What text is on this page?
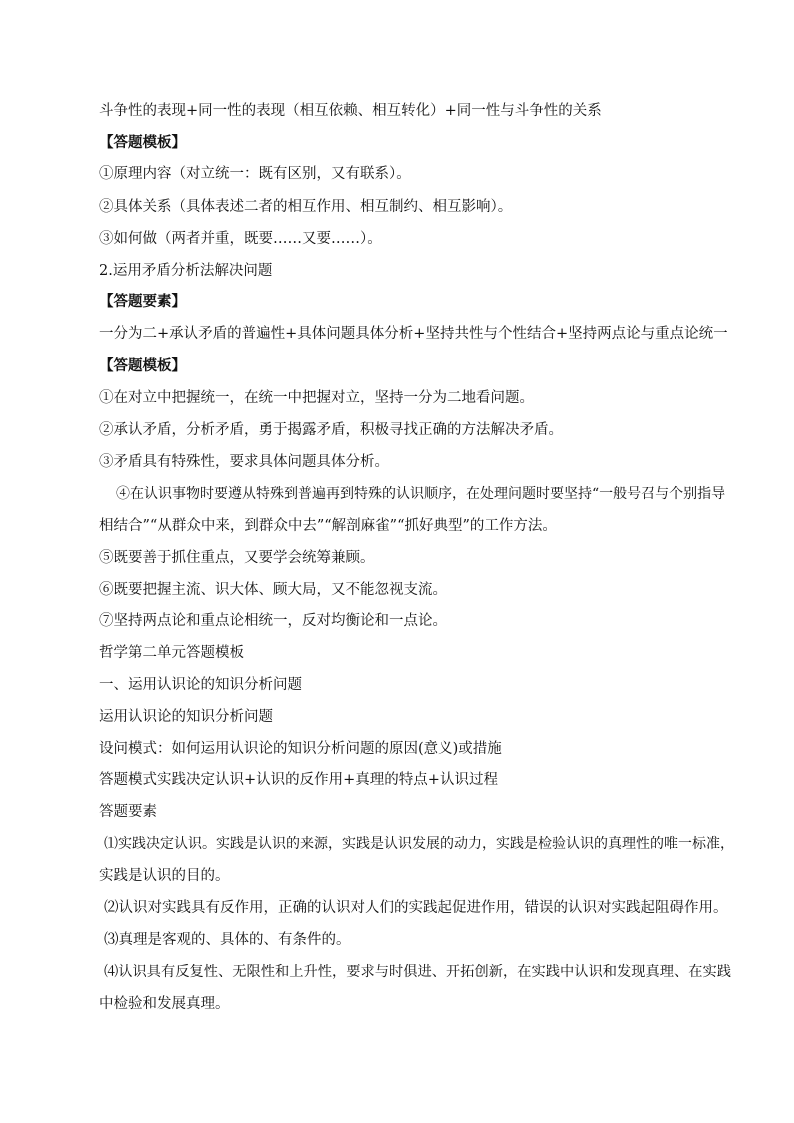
斗争性的表现+同一性的表现（相互依赖、相互转化）+同一性与斗争性的关系
【答题模板】
①原理内容（对立统一：既有区别，又有联系）。
②具体关系（具体表述二者的相互作用、相互制约、相互影响）。
③如何做（两者并重，既要……又要……）。
2.运用矛盾分析法解决问题
【答题要素】
一分为二+承认矛盾的普遍性+具体问题具体分析+坚持共性与个性结合+坚持两点论与重点论统一
【答题模板】
①在对立中把握统一，在统一中把握对立，坚持一分为二地看问题。
②承认矛盾，分析矛盾，勇于揭露矛盾，积极寻找正确的方法解决矛盾。
③矛盾具有特殊性，要求具体问题具体分析。
④在认识事物时要遵从特殊到普遍再到特殊的认识顺序，在处理问题时要坚持“一般号召与个别指导
相结合”“从群众中来，到群众中去”“解剖麻雀”“抓好典型”的工作方法。
⑤既要善于抓住重点，又要学会统筹兼顾。
⑥既要把握主流、识大体、顾大局，又不能忽视支流。
⑦坚持两点论和重点论相统一，反对均衡论和一点论。
哲学第二单元答题模板
一、运用认识论的知识分析问题
运用认识论的知识分析问题
设问模式：如何运用认识论的知识分析问题的原因(意义)或措施
答题模式实践决定认识+认识的反作用+真理的特点+认识过程
答题要素
⑴实践决定认识。实践是认识的来源，实践是认识发展的动力，实践是检验认识的真理性的唯一标准，
实践是认识的目的。
⑵认识对实践具有反作用，正确的认识对人们的实践起促进作用，错误的认识对实践起阻碍作用。
⑶真理是客观的、具体的、有条件的。
⑷认识具有反复性、无限性和上升性，要求与时俱进、开拓创新，在实践中认识和发现真理、在实践
中检验和发展真理。
